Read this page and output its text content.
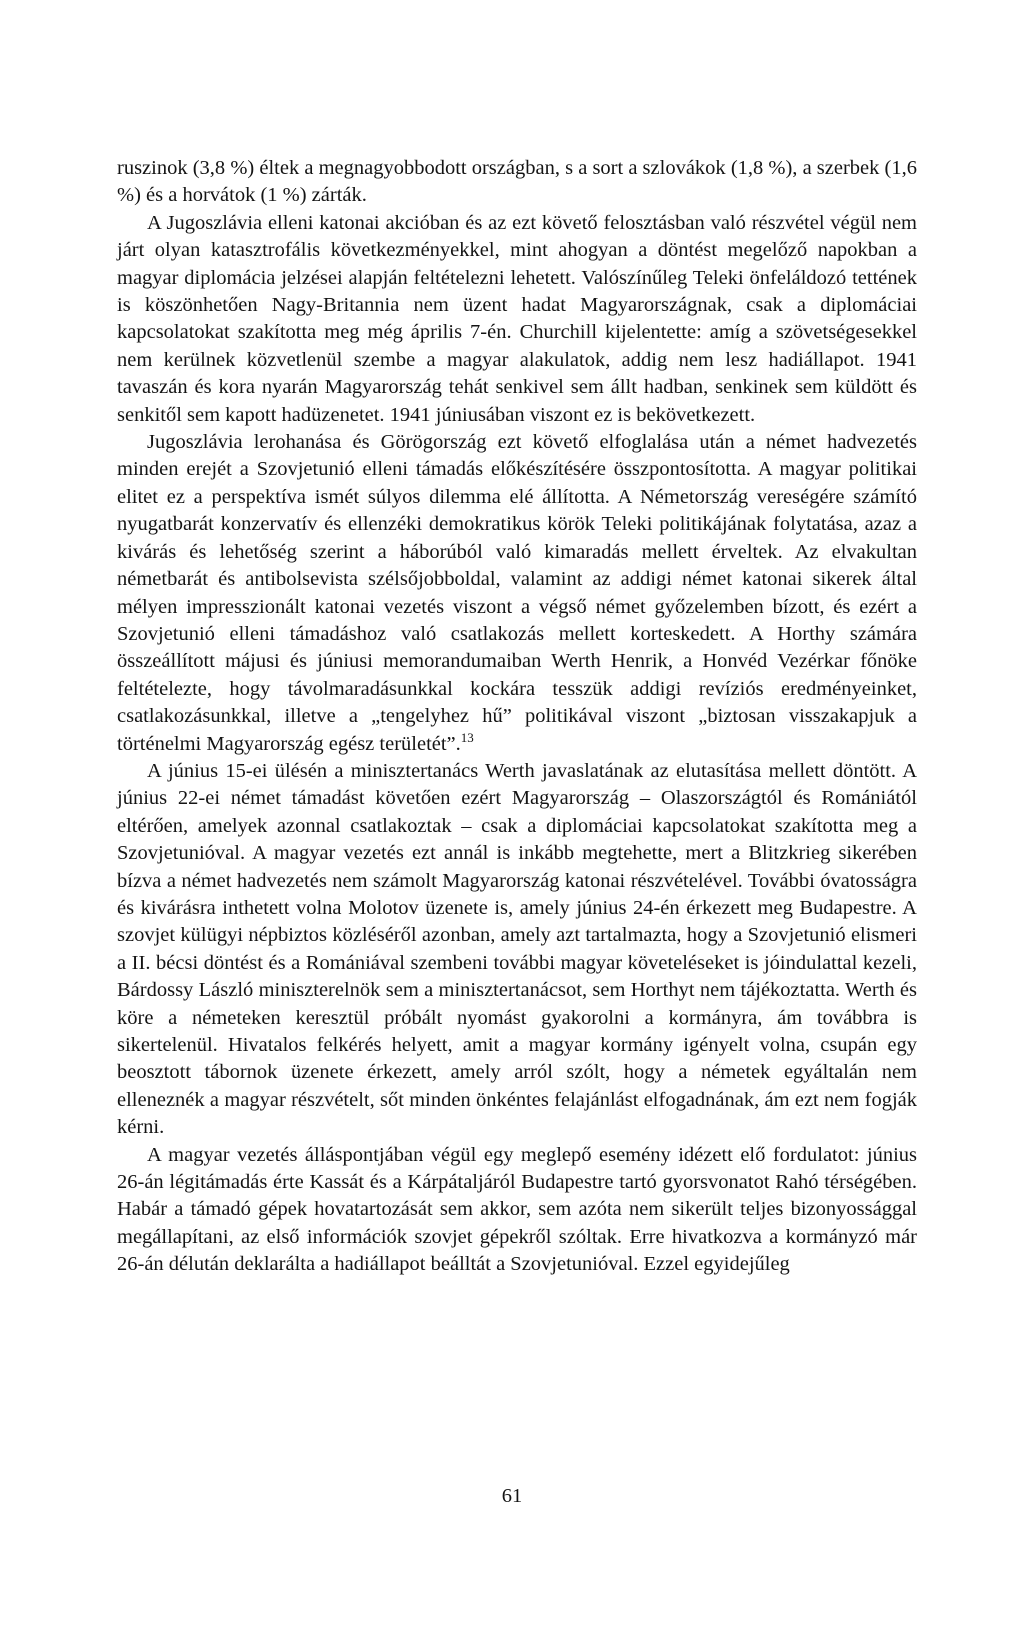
ruszinok (3,8 %) éltek a megnagyobbodott országban, s a sort a szlovákok (1,8 %), a szerbek (1,6 %) és a horvátok (1 %) zárták.

A Jugoszlávia elleni katonai akcióban és az ezt követő felosztásban való részvétel végül nem járt olyan katasztrofális következményekkel, mint ahogyan a döntést megelőző napokban a magyar diplomácia jelzései alapján feltételezni lehetett. Valószínűleg Teleki önfeláldozó tettének is köszönhetően Nagy-Britannia nem üzent hadat Magyarországnak, csak a diplomáciai kapcsolatokat szakította meg még április 7-én. Churchill kijelentette: amíg a szövetségesekkel nem kerülnek közvetlenül szembe a magyar alakulatok, addig nem lesz hadiállapot. 1941 tavaszán és kora nyarán Magyarország tehát senkivel sem állt hadban, senkinek sem küldött és senkitől sem kapott hadüzenetet. 1941 júniusában viszont ez is bekövetkezett.

Jugoszlávia lerohanása és Görögország ezt követő elfoglalása után a német hadvezetés minden erejét a Szovjetunió elleni támadás előkészítésére összpontosította. A magyar politikai elitet ez a perspektíva ismét súlyos dilemma elé állította. A Németország vereségére számító nyugatbarát konzervatív és ellenzéki demokratikus körök Teleki politikájának folytatása, azaz a kivárás és lehetőség szerint a háborúból való kimaradás mellett érveltek. Az elvakultan németbarát és antibolsevista szélsőjobboldal, valamint az addigi német katonai sikerek által mélyen impresszionált katonai vezetés viszont a végső német győzelemben bízott, és ezért a Szovjetunió elleni támadáshoz való csatlakozás mellett korteskedett. A Horthy számára összeállított májusi és júniusi memorandumaiban Werth Henrik, a Honvéd Vezérkar főnöke feltételezte, hogy távolmaradásunkkal kockára tesszük addigi revíziós eredményeinket, csatlakozásunkkal, illetve a „tengelyhez hű” politikával viszont „biztosan visszakapjuk a történelmi Magyarország egész területét”.$^{13}$

A június 15-ei ülésén a minisztertanács Werth javaslatának az elutasítása mellett döntött. A június 22-ei német támadást követően ezért Magyarország – Olaszországtól és Romániától eltérően, amelyek azonnal csatlakoztak – csak a diplomáciai kapcsolatokat szakította meg a Szovjetunióval. A magyar vezetés ezt annál is inkább megtehette, mert a Blitzkrieg sikerében bízva a német hadvezetés nem számolt Magyarország katonai részvételével. További óvatosságra és kivárásra inthetett volna Molotov üzenete is, amely június 24-én érkezett meg Budapestre. A szovjet külügyi népbiztos közléséről azonban, amely azt tartalmazta, hogy a Szovjetunió elismeri a II. bécsi döntést és a Romániával szembeni további magyar követeléseket is jóindulattal kezeli, Bárdossy László miniszterelnök sem a minisztertanácsot, sem Horthyt nem tájékoztatta. Werth és köre a németeken keresztül próbált nyomást gyakorolni a kormányra, ám továbbra is sikertelenül. Hivatalos felkérés helyett, amit a magyar kormány igényelt volna, csupán egy beosztott tábornok üzenete érkezett, amely arról szólt, hogy a németek egyáltalán nem elleneznék a magyar részvételt, sőt minden önkéntes felajánlást elfogadnának, ám ezt nem fogják kérni.

A magyar vezetés álláspontjában végül egy meglepő esemény idézett elő fordulatot: június 26-án légitámadás érte Kassát és a Kárpátaljáról Budapestre tartó gyorsvonatot Rahó térségében. Habár a támadó gépek hovatartozását sem akkor, sem azóta nem sikerült teljes bizonyossággal megállapítani, az első információk szovjet gépekről szóltak. Erre hivatkozva a kormányzó már 26-án délután deklarálta a hadiállapot beálltát a Szovjetunióval. Ezzel egyidejűleg

61
